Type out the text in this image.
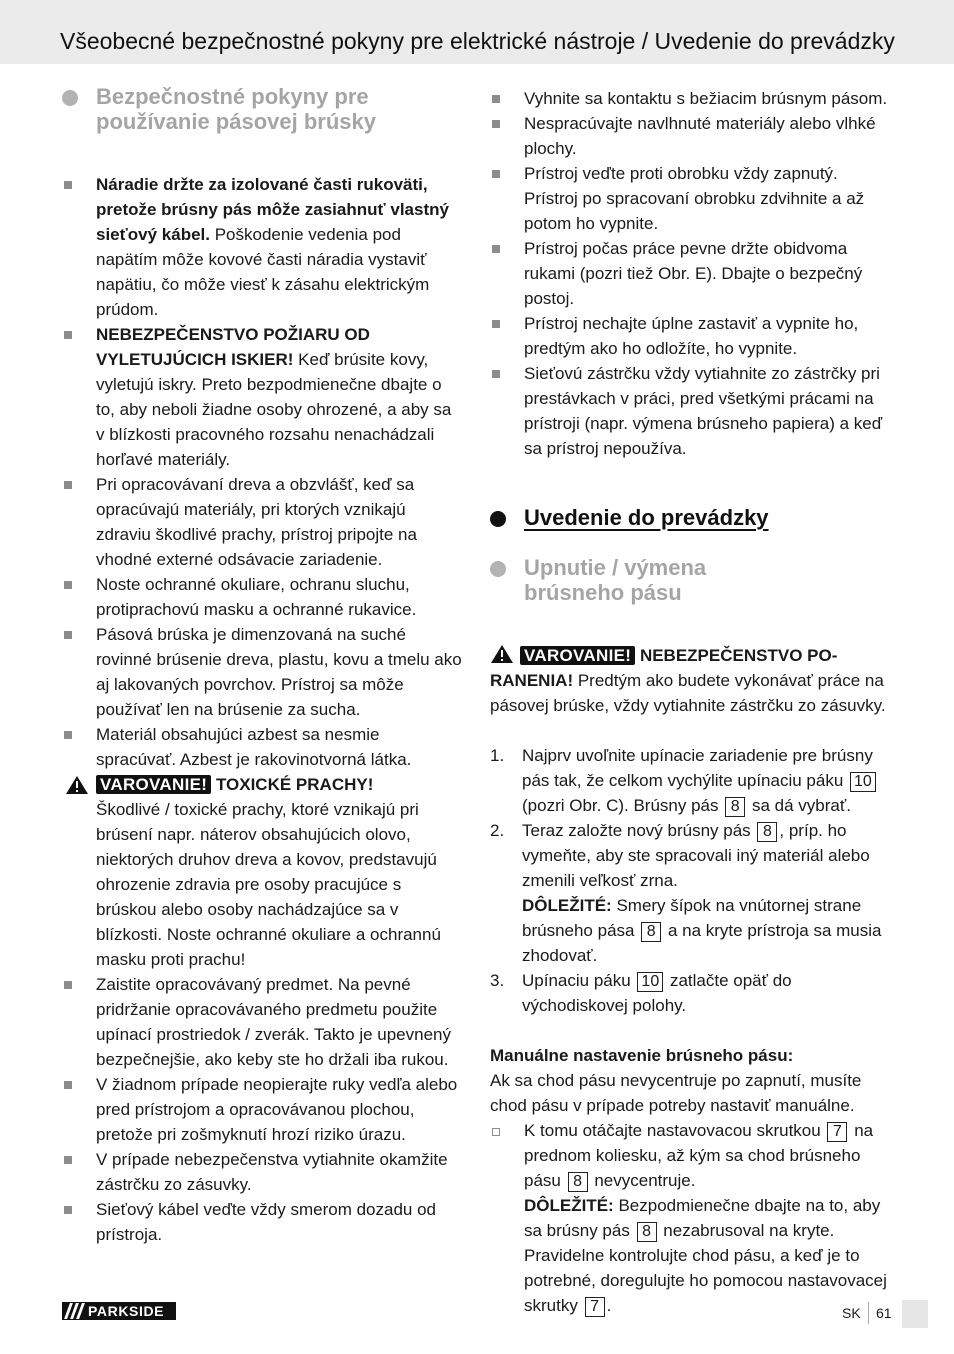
Všeobecné bezpečnostné pokyny pre elektrické nástroje / Uvedenie do prevádzky
Bezpečnostné pokyny pre používanie pásovej brúsky
Náradie držte za izolované časti rukoväti, pretože brúsny pás môže zasiahnuť vlastný sieťový kábel. Poškodenie vedenia pod napätím môže kovové časti náradia vystaviť napätiu, čo môže viesť k zásahu elektrickým prúdom.
NEBEZPEČENSTVO POŽIARU OD VYLETUJÚCICH ISKIER! Keď brúsite kovy, vyletujú iskry. Preto bezpodmienečne dbajte o to, aby neboli žiadne osoby ohrozené, a aby sa v blízkosti pracovného rozsahu nenachádzali horľavé materiály.
Pri opracovávaní dreva a obzvlášť, keď sa opracúvajú materiály, pri ktorých vznikajú zdraviu škodlivé prachy, prístroj pripojte na vhodné externé odsávacie zariadenie.
Noste ochranné okuliare, ochranu sluchu, protiprachovú masku a ochranné rukavice.
Pásová brúska je dimenzovaná na suché rovinné brúsenie dreva, plastu, kovu a tmelu ako aj lakovaných povrchov. Prístroj sa môže používať len na brúsenie za sucha.
Materiál obsahujúci azbest sa nesmie spracúvať. Azbest je rakovinotvorná látka.
VAROVANIE! TOXICKÉ PRACHY!
Škodlivé / toxické prachy, ktoré vznikajú pri brúsení napr. náterov obsahujúcich olovo, niektorých druhov dreva a kovov, predstavujú ohrozenie zdravia pre osoby pracujúce s brúskou alebo osoby nachádzajúce sa v blízkosti. Noste ochranné okuliare a ochrannú masku proti prachu!
Zaistite opracovávaný predmet. Na pevné pridržanie opracovávaného predmetu použite upínací prostriedok / zverák. Takto je upevnený bezpečnejšie, ako keby ste ho držali iba rukou.
V žiadnom prípade neopierajte ruky vedľa alebo pred prístrojom a opracovávanou plochou, pretože pri zošmyknutí hrozí riziko úrazu.
V prípade nebezpečenstva vytiahnite okamžite zástrčku zo zásuvky.
Sieťový kábel veďte vždy smerom dozadu od prístroja.
Vyhnite sa kontaktu s bežiacim brúsnym pásom.
Nespracúvajte navlhnuté materiály alebo vlhké plochy.
Prístroj veďte proti obrobku vždy zapnutý. Prístroj po spracovaní obrobku zdvihnite a až potom ho vypnite.
Prístroj počas práce pevne držte obidvoma rukami (pozri tiež Obr. E). Dbajte o bezpečný postoj.
Prístroj nechajte úplne zastaviť a vypnite ho, predtým ako ho odložíte, ho vypnite.
Sieťovú zástrčku vždy vytiahnite zo zástrčky pri prestávkach v práci, pred všetkými prácami na prístroji (napr. výmena brúsneho papiera) a keď sa prístroj nepoužíva.
Uvedenie do prevádzky
Upnutie / výmena brúsneho pásu
VAROVANIE! NEBEZPEČENSTVO PO-
RANENIA! Predtým ako budete vykonávať práce na pásovej brúske, vždy vytiahnite zástrčku zo zásuvky.
1.	Najprv uvoľnite upínacie zariadenie pre brúsny pás tak, že celkom vychýlite upínaciu páku 10 (pozri Obr. C). Brúsny pás 8 sa dá vybrať.
2.	Teraz založte nový brúsny pás 8 , príp. ho vymeňte, aby ste spracovali iný materiál alebo zmenili veľkosť zrna.
DÔLEŽITÉ: Smery šípok na vnútornej strane brúsneho pása 8 a na kryte prístroja sa musia zhodovať.
3.	Upínaciu páku 10 zatlačte opäť do východiskovej polohy.
Manuálne nastavenie brúsneho pásu:
Ak sa chod pásu nevycentruje po zapnutí, musíte chod pásu v prípade potreby nastaviť manuálne.
K tomu otáčajte nastavovacou skrutkou 7 na prednom koliesku, až kým sa chod brúsneho pásu 8 nevycentruje.
DÔLEŽITÉ: Bezpodmienečne dbajte na to, aby sa brúsny pás 8 nezabrusoval na kryte. Pravidelne kontrolujte chod pásu, a keď je to potrebné, doregulujte ho pomocou nastavovacej skrutky 7 .
PARKSIDE	SK 61
